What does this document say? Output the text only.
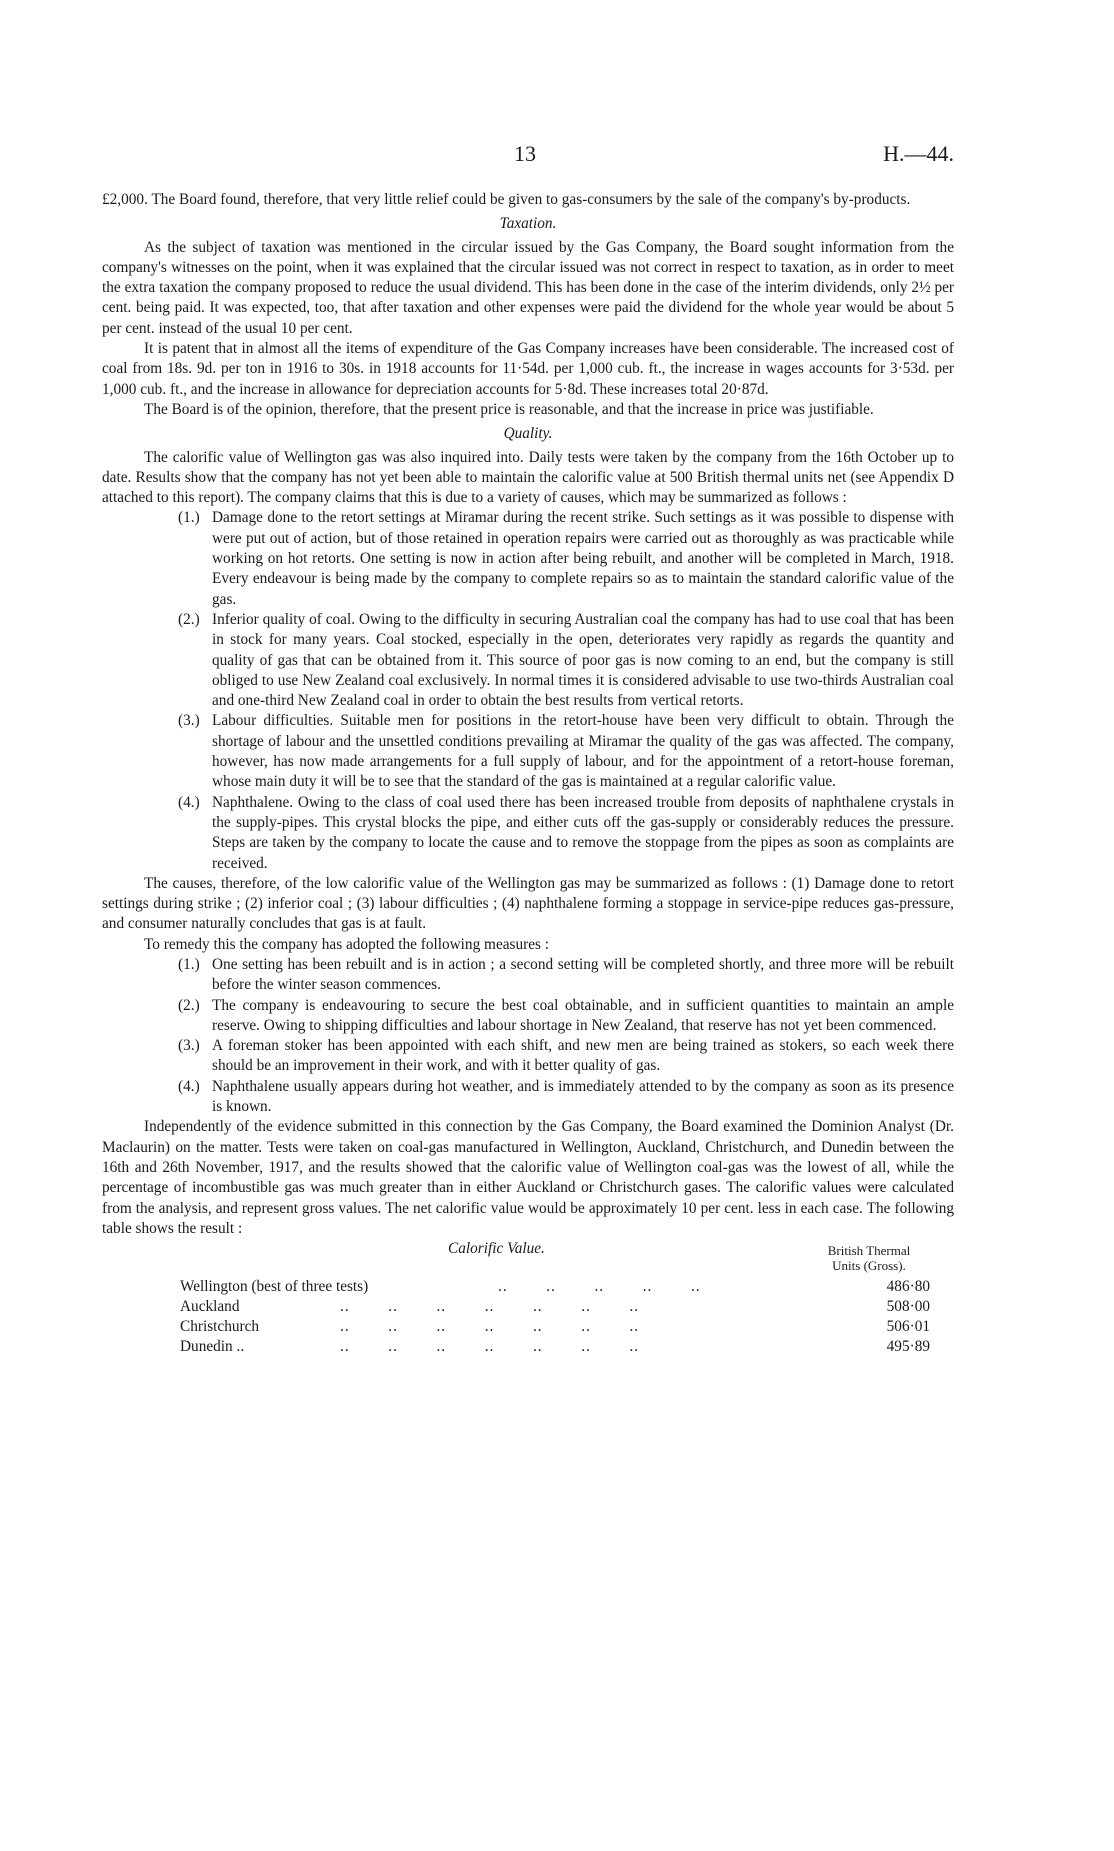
13	H.—44.

£2,000. The Board found, therefore, that very little relief could be given to gas-consumers by the sale of the company's by-products.

Taxation.

As the subject of taxation was mentioned in the circular issued by the Gas Company, the Board sought information from the company's witnesses on the point, when it was explained that the circular issued was not correct in respect to taxation, as in order to meet the extra taxation the company proposed to reduce the usual dividend. This has been done in the case of the interim dividends, only 2½ per cent. being paid. It was expected, too, that after taxation and other expenses were paid the dividend for the whole year would be about 5 per cent. instead of the usual 10 per cent.

It is patent that in almost all the items of expenditure of the Gas Company increases have been considerable. The increased cost of coal from 18s. 9d. per ton in 1916 to 30s. in 1918 accounts for 11·54d. per 1,000 cub. ft., the increase in wages accounts for 3·53d. per 1,000 cub. ft., and the increase in allowance for depreciation accounts for 5·8d. These increases total 20·87d.

The Board is of the opinion, therefore, that the present price is reasonable, and that the increase in price was justifiable.

Quality.

The calorific value of Wellington gas was also inquired into. Daily tests were taken by the company from the 16th October up to date. Results show that the company has not yet been able to maintain the calorific value at 500 British thermal units net (see Appendix D attached to this report). The company claims that this is due to a variety of causes, which may be summarized as follows :

(1.) Damage done to the retort settings at Miramar during the recent strike. Such settings as it was possible to dispense with were put out of action, but of those retained in operation repairs were carried out as thoroughly as was practicable while working on hot retorts. One setting is now in action after being rebuilt, and another will be completed in March, 1918. Every endeavour is being made by the company to complete repairs so as to maintain the standard calorific value of the gas.
(2.) Inferior quality of coal. Owing to the difficulty in securing Australian coal the company has had to use coal that has been in stock for many years. Coal stocked, especially in the open, deteriorates very rapidly as regards the quantity and quality of gas that can be obtained from it. This source of poor gas is now coming to an end, but the company is still obliged to use New Zealand coal exclusively. In normal times it is considered advisable to use two-thirds Australian coal and one-third New Zealand coal in order to obtain the best results from vertical retorts.
(3.) Labour difficulties. Suitable men for positions in the retort-house have been very difficult to obtain. Through the shortage of labour and the unsettled conditions prevailing at Miramar the quality of the gas was affected. The company, however, has now made arrangements for a full supply of labour, and for the appointment of a retort-house foreman, whose main duty it will be to see that the standard of the gas is maintained at a regular calorific value.
(4.) Naphthalene. Owing to the class of coal used there has been increased trouble from deposits of naphthalene crystals in the supply-pipes. This crystal blocks the pipe, and either cuts off the gas-supply or considerably reduces the pressure. Steps are taken by the company to locate the cause and to remove the stoppage from the pipes as soon as complaints are received.

The causes, therefore, of the low calorific value of the Wellington gas may be summarized as follows : (1) Damage done to retort settings during strike ; (2) inferior coal ; (3) labour difficulties ; (4) naphthalene forming a stoppage in service-pipe reduces gas-pressure, and consumer naturally concludes that gas is at fault.

To remedy this the company has adopted the following measures :

(1.) One setting has been rebuilt and is in action ; a second setting will be completed shortly, and three more will be rebuilt before the winter season commences.
(2.) The company is endeavouring to secure the best coal obtainable, and in sufficient quantities to maintain an ample reserve. Owing to shipping difficulties and labour shortage in New Zealand, that reserve has not yet been commenced.
(3.) A foreman stoker has been appointed with each shift, and new men are being trained as stokers, so each week there should be an improvement in their work, and with it better quality of gas.
(4.) Naphthalene usually appears during hot weather, and is immediately attended to by the company as soon as its presence is known.

Independently of the evidence submitted in this connection by the Gas Company, the Board examined the Dominion Analyst (Dr. Maclaurin) on the matter. Tests were taken on coal-gas manufactured in Wellington, Auckland, Christchurch, and Dunedin between the 16th and 26th November, 1917, and the results showed that the calorific value of Wellington coal-gas was the lowest of all, while the percentage of incombustible gas was much greater than in either Auckland or Christchurch gases. The calorific values were calculated from the analysis, and represent gross values. The net calorific value would be approximately 10 per cent. less in each case. The following table shows the result :

Calorific Value.	British Thermal
Units (Gross).
Wellington (best of three tests)	..        ..        ..        ..        ..	486·80
Auckland	..        ..        ..        ..        ..        ..        ..	508·00
Christchurch	..        ..        ..        ..        ..        ..        ..	506·01
Dunedin ..	..        ..        ..        ..        ..        ..        ..	495·89
